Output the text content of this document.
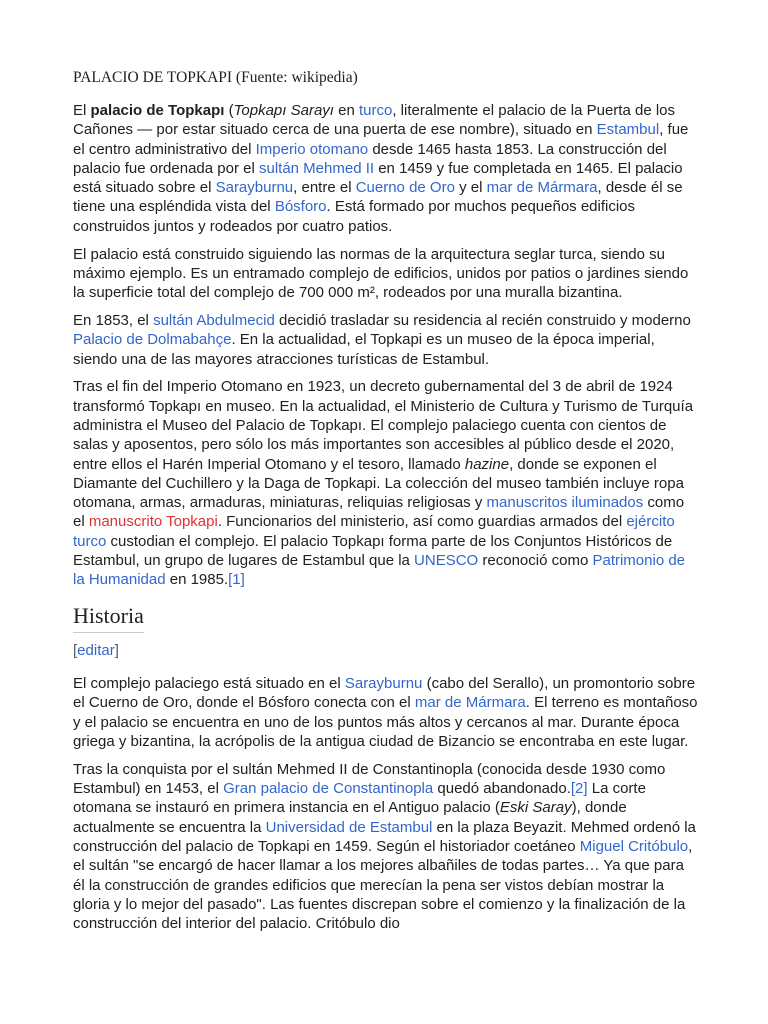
PALACIO DE TOPKAPI (Fuente: wikipedia)

El palacio de Topkapı (Topkapı Sarayı en turco, literalmente el palacio de la Puerta de los Cañones — por estar situado cerca de una puerta de ese nombre), situado en Estambul, fue el centro administrativo del Imperio otomano desde 1465 hasta 1853. La construcción del palacio fue ordenada por el sultán Mehmed II en 1459 y fue completada en 1465. El palacio está situado sobre el Sarayburnu, entre el Cuerno de Oro y el mar de Mármara, desde él se tiene una espléndida vista del Bósforo. Está formado por muchos pequeños edificios construidos juntos y rodeados por cuatro patios.

El palacio está construido siguiendo las normas de la arquitectura seglar turca, siendo su máximo ejemplo. Es un entramado complejo de edificios, unidos por patios o jardines siendo la superficie total del complejo de 700 000 m², rodeados por una muralla bizantina.

En 1853, el sultán Abdulmecid decidió trasladar su residencia al recién construido y moderno Palacio de Dolmabahçe. En la actualidad, el Topkapi es un museo de la época imperial, siendo una de las mayores atracciones turísticas de Estambul.

Tras el fin del Imperio Otomano en 1923, un decreto gubernamental del 3 de abril de 1924 transformó Topkapı en museo. En la actualidad, el Ministerio de Cultura y Turismo de Turquía administra el Museo del Palacio de Topkapı. El complejo palaciego cuenta con cientos de salas y aposentos, pero sólo los más importantes son accesibles al público desde el 2020, entre ellos el Harén Imperial Otomano y el tesoro, llamado hazine, donde se exponen el Diamante del Cuchillero y la Daga de Topkapi. La colección del museo también incluye ropa otomana, armas, armaduras, miniaturas, reliquias religiosas y manuscritos iluminados como el manuscrito Topkapi. Funcionarios del ministerio, así como guardias armados del ejército turco custodian el complejo. El palacio Topkapı forma parte de los Conjuntos Históricos de Estambul, un grupo de lugares de Estambul que la UNESCO reconoció como Patrimonio de la Humanidad en 1985.[1]

Historia
[editar]

El complejo palaciego está situado en el Sarayburnu (cabo del Serallo), un promontorio sobre el Cuerno de Oro, donde el Bósforo conecta con el mar de Mármara. El terreno es montañoso y el palacio se encuentra en uno de los puntos más altos y cercanos al mar. Durante época griega y bizantina, la acrópolis de la antigua ciudad de Bizancio se encontraba en este lugar.

Tras la conquista por el sultán Mehmed II de Constantinopla (conocida desde 1930 como Estambul) en 1453, el Gran palacio de Constantinopla quedó abandonado.[2] La corte otomana se instauró en primera instancia en el Antiguo palacio (Eski Saray), donde actualmente se encuentra la Universidad de Estambul en la plaza Beyazit. Mehmed ordenó la construcción del palacio de Topkapi en 1459. Según el historiador coetáneo Miguel Critóbulo, el sultán "se encargó de hacer llamar a los mejores albañiles de todas partes… Ya que para él la construcción de grandes edificios que merecían la pena ser vistos debían mostrar la gloria y lo mejor del pasado". Las fuentes discrepan sobre el comienzo y la finalización de la construcción del interior del palacio. Critóbulo dio
